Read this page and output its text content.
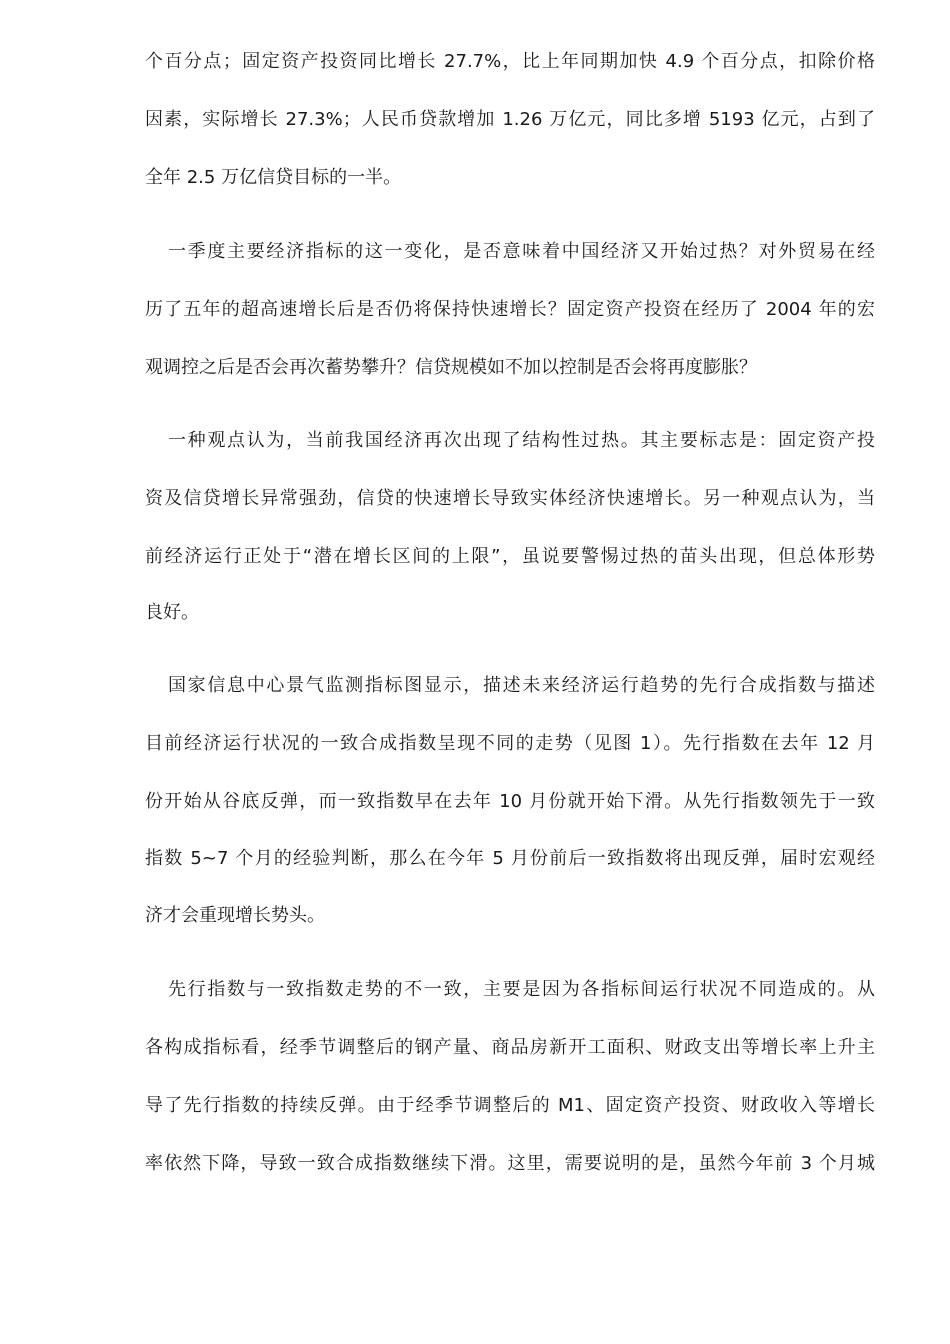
个百分点；固定资产投资同比增长 27.7%，比上年同期加快 4.9 个百分点，扣除价格
因素，实际增长 27.3%；人民币贷款增加 1.26 万亿元，同比多增 5193 亿元，占到了
全年 2.5 万亿信贷目标的一半。
一季度主要经济指标的这一变化，是否意味着中国经济又开始过热？对外贸易在经
历了五年的超高速增长后是否仍将保持快速增长？固定资产投资在经历了 2004 年的宏
观调控之后是否会再次蓄势攀升？信贷规模如不加以控制是否会将再度膨胀？
一种观点认为，当前我国经济再次出现了结构性过热。其主要标志是：固定资产投
资及信贷增长异常强劲，信贷的快速增长导致实体经济快速增长。另一种观点认为，当
前经济运行正处于“潜在增长区间的上限”，虽说要警惕过热的苗头出现，但总体形势
良好。
国家信息中心景气监测指标图显示，描述未来经济运行趋势的先行合成指数与描述
目前经济运行状况的一致合成指数呈现不同的走势（见图 1）。先行指数在去年 12 月
份开始从谷底反弹，而一致指数早在去年 10 月份就开始下滑。从先行指数领先于一致
指数 5~7 个月的经验判断，那么在今年 5 月份前后一致指数将出现反弹，届时宏观经
济才会重现增长势头。
先行指数与一致指数走势的不一致，主要是因为各指标间运行状况不同造成的。从
各构成指标看，经季节调整后的钢产量、商品房新开工面积、财政支出等增长率上升主
导了先行指数的持续反弹。由于经季节调整后的 M1、固定资产投资、财政收入等增长
率依然下降，导致一致合成指数继续下滑。这里，需要说明的是，虽然今年前 3 个月城
